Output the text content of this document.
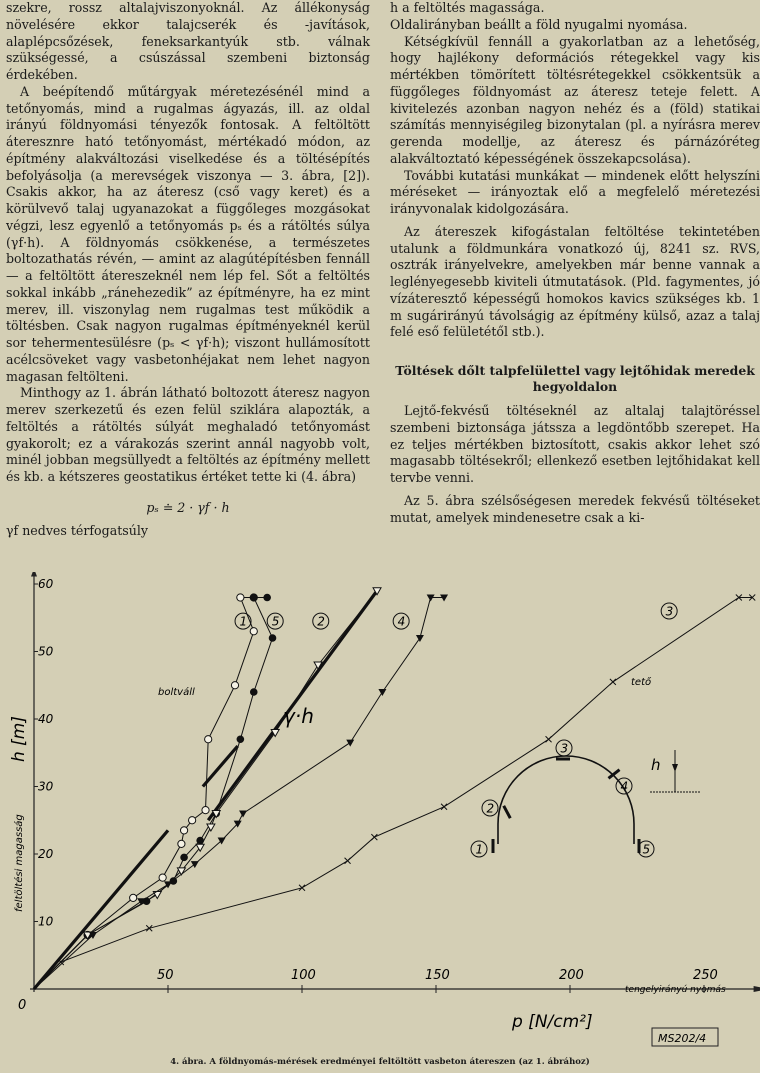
szekre, rossz altalajviszonyoknál. Az állékonyság növelésére ekkor talajcserék és -javítások, alaplépcsőzések, feneksarkantyúk stb. válnak szükségessé, a csúszással szembeni biztonság érdekében.

A beépítendő műtárgyak méretezésénél mind a tetőnyomás, mind a rugalmas ágyazás, ill. az oldal irányú földnyomási tényezők fontosak. A feltöltött áteresznre ható tetőnyomást, mértékadó módon, az építmény alakváltozási viselkedése és a töltésépítés befolyásolja (a merevségek viszonya — 3. ábra, [2]). Csakis akkor, ha az áteresz (cső vagy keret) és a körülvevő talaj ugyanazokat a függőleges mozgásokat végzi, lesz egyenlő a tetőnyomás pₛ és a rátöltés súlya (γf·h). A földnyomás csökkenése, a természetes boltozathatás révén, — amint az alagútépítésben fennáll — a feltöltött átereszeknél nem lép fel. Sőt a feltöltés sokkal inkább „ránehezedik” az építményre, ha ez mint merev, ill. viszonylag nem rugalmas test működik a töltésben. Csak nagyon rugalmas építményeknél kerül sor tehermentesülésre (pₛ < γf·h); viszont hullámosított acélcsöveket vagy vasbetonhéjakat nem lehet nagyon magasan feltölteni.

Minthogy az 1. ábrán látható boltozott áteresz nagyon merev szerkezetű és ezen felül sziklára alapozták, a feltöltés a rátöltés súlyát meghaladó tetőnyomást gyakorolt; ez a várakozás szerint annál nagyobb volt, minél jobban megsüllyedt a feltöltés az építmény mellett és kb. a kétszeres geostatikus értéket tette ki (4. ábra)

pₛ ≐ 2 · γf · h

γf nedves térfogatsúly

h a feltöltés magassága.

Oldalirányban beállt a föld nyugalmi nyomása.

Kétségkívül fennáll a gyakorlatban az a lehetőség, hogy hajlékony deformációs rétegekkel vagy kis mértékben tömörített töltésrétegekkel csökkentsük a függőleges földnyomást az áteresz teteje felett. A kivitelezés azonban nagyon nehéz és a (föld) statikai számítás mennyiségileg bizonytalan (pl. a nyírásra merev gerenda modellje, az áteresz és párnázóréteg alakváltoztató képességének összekapcsolása).

További kutatási munkákat — mindenek előtt helyszíni méréseket — irányoztak elő a megfelelő méretezési irányvonalak kidolgozására.

Az átereszek kifogástalan feltöltése tekintetében utalunk a földmunkára vonatkozó új, 8241 sz. RVS, osztrák irányelvekre, amelyekben már benne vannak a leglényegesebb kiviteli útmutatások. (Pld. fagymentes, jó vízáteresztő képességű homokos kavics szükséges kb. 1 m sugárirányú távolságig az építmény külső, azaz a talaj felé eső felületétől stb.).

Töltések dőlt talpfelülettel vagy lejtőhidak meredek hegyoldalon

Lejtő-fekvésű töltéseknél az altalaj talajtöréssel szembeni biztonsága játssza a legdöntőbb szerepet. Ha ez teljes mértékben biztosított, csakis akkor lehet szó magasabb töltésekről; ellenkező esetben lejtőhidakat kell tervbe venni.

Az 5. ábra szélsőségesen meredek fekvésű töltéseket mutat, amelyek mindenesetre csak a ki-

50	100	150	200	250
10
20
30
40
50
60
1 5	2	4
3
0
p [N/cm²]
tengelyirányú nyomás
h [m]
feltöltési magasság
boltváll
tető
γ·h
1
2
3
4
5
h
MS202/4
4. ábra. A földnyomás-mérések eredményei feltöltött vasbeton átereszen (az 1. ábrához)
